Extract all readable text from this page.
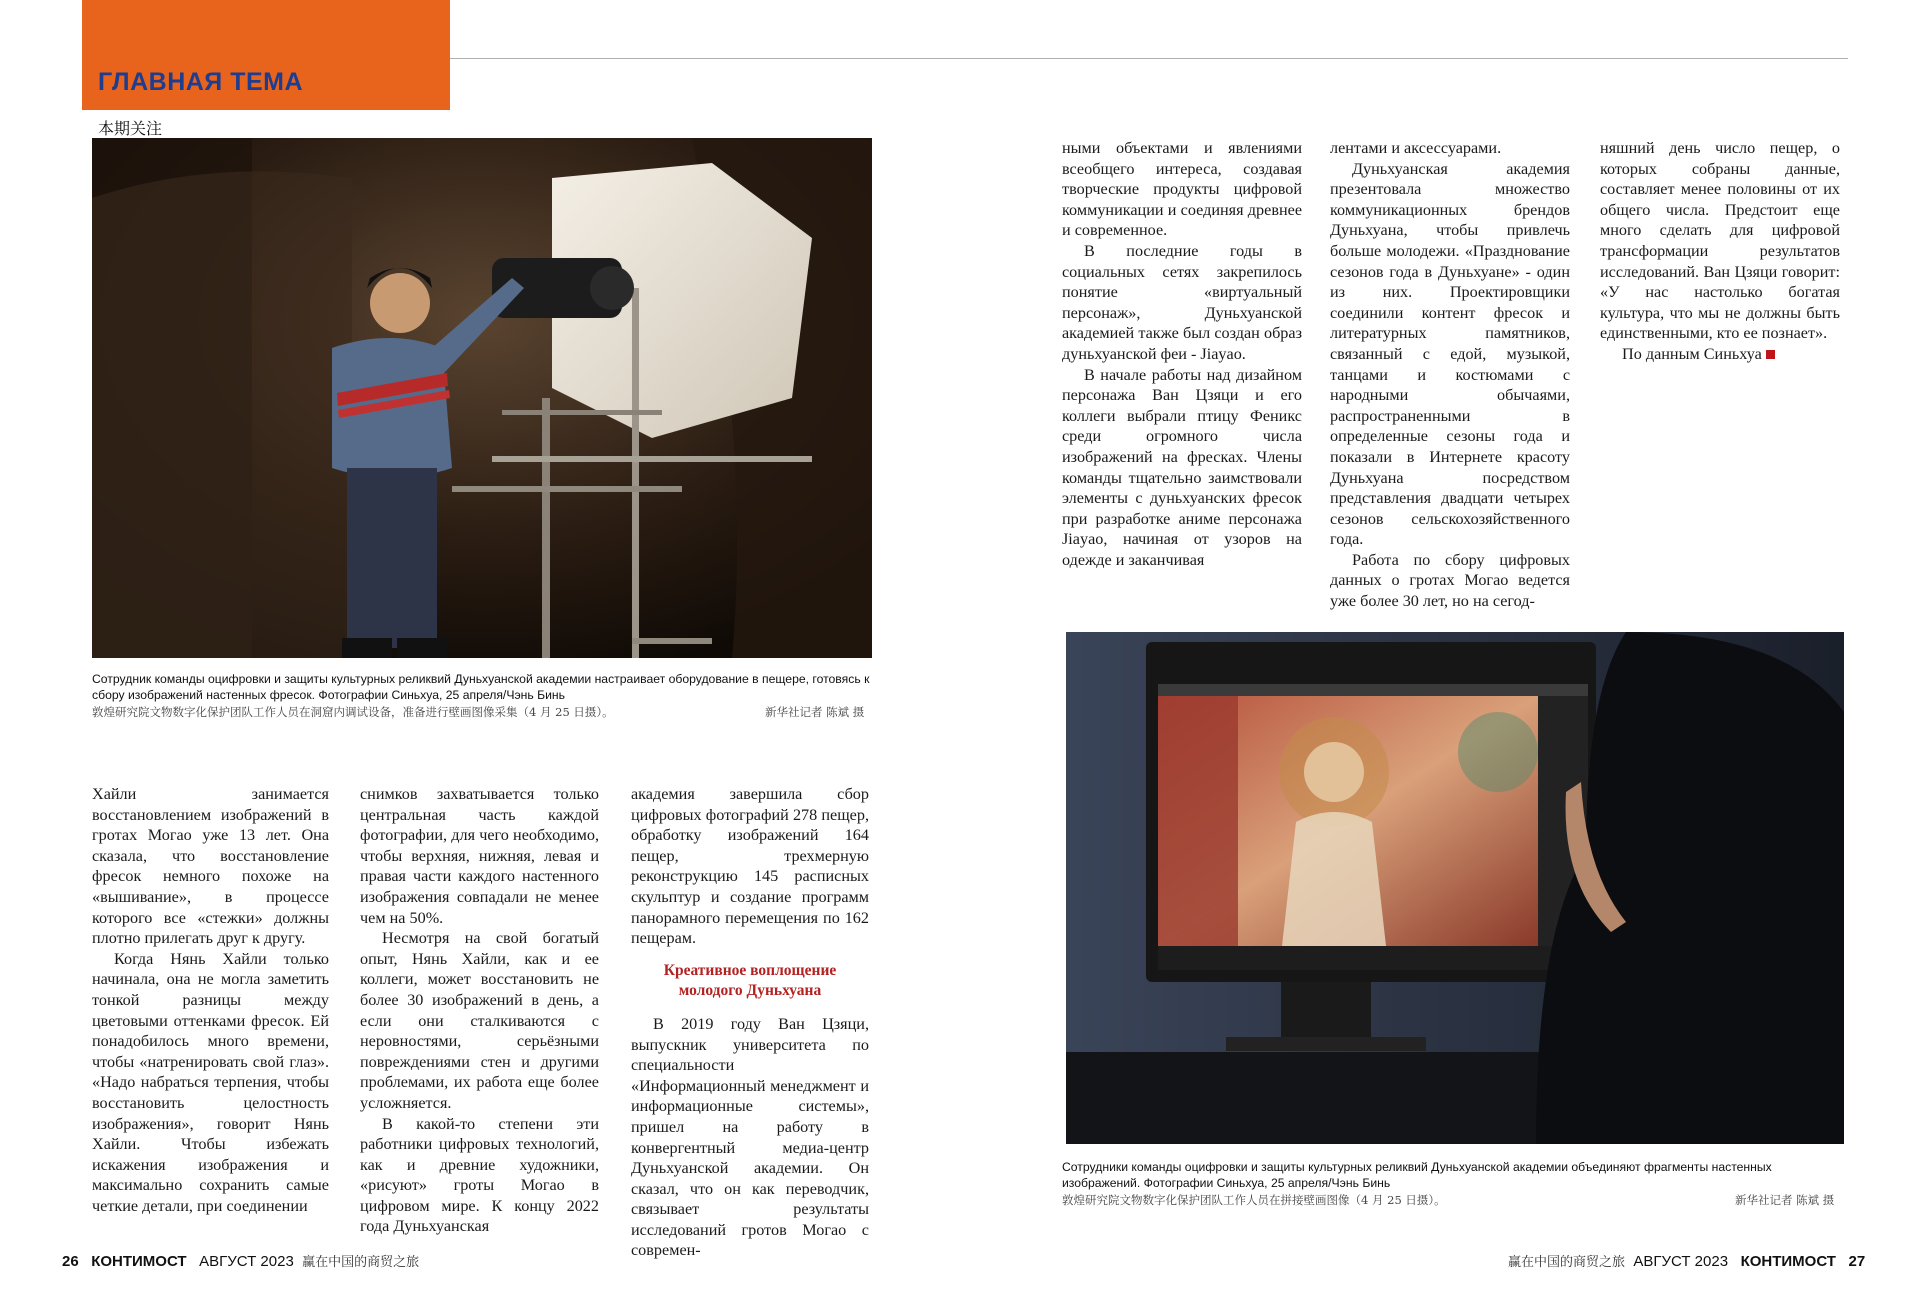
ГЛАВНАЯ ТЕМА
本期关注
Сотрудник команды оцифровки и защиты культурных реликвий Дуньхуанской академии настраивает оборудование в пещере, готовясь к сбору изображений настенных фресок. Фотографии Синьхуа, 25 апреля/Чэнь Бинь
敦煌研究院文物数字化保护团队工作人员在洞窟内调试设备，准备进行壁画图像采集（4 月 25 日摄）。	新华社记者 陈斌 摄

Хайли занимается восстановлением изображений в гротах Могао уже 13 лет. Она сказала, что восстановление фресок немного похоже на «вышивание», в процессе которого все «стежки» должны плотно прилегать друг к другу.

Когда Нянь Хайли только начинала, она не могла заметить тонкой разницы между цветовыми оттенками фресок. Ей понадобилось много времени, чтобы «натренировать свой глаз». «Надо набраться терпения, чтобы восстановить целостность изображения», говорит Нянь Хайли. Чтобы избежать искажения изображения и максимально сохранить самые четкие детали, при соединении

снимков захватывается только центральная часть каждой фотографии, для чего необходимо, чтобы верхняя, нижняя, левая и правая части каждого настенного изображения совпадали не менее чем на 50%.

Несмотря на свой богатый опыт, Нянь Хайли, как и ее коллеги, может восстановить не более 30 изображений в день, а если они сталкиваются с неровностями, серьёзными повреждениями стен и другими проблемами, их работа еще более усложняется.

В какой-то степени эти работники цифровых технологий, как и древние художники, «рисуют» гроты Могао в цифровом мире. К концу 2022 года Дуньхуанская

академия завершила сбор цифровых фотографий 278 пещер, обработку изображений 164 пещер, трехмерную реконструкцию 145 расписных скульптур и создание программ панорамного перемещения по 162 пещерам.

Креативное воплощение молодого Дуньхуана

В 2019 году Ван Цзяци, выпускник университета по специальности «Информационный менеджмент и информационные системы», пришел на работу в конвергентный медиа-центр Дуньхуанской академии. Он сказал, что он как переводчик, связывает результаты исследований гротов Могао с современ-

ными объектами и явлениями всеобщего интереса, создавая творческие продукты цифровой коммуникации и соединяя древнее и современное.

В последние годы в социальных сетях закрепилось понятие «виртуальный персонаж», Дуньхуанской академией также был создан образ дуньхуанской феи - Jiayao.

В начале работы над дизайном персонажа Ван Цзяци и его коллеги выбрали птицу Феникс среди огромного числа изображений на фресках. Члены команды тщательно заимствовали элементы с дуньхуанских фресок при разработке аниме персонажа Jiayao, начиная от узоров на одежде и заканчивая

лентами и аксессуарами.

Дуньхуанская академия презентовала множество коммуникационных брендов Дуньхуана, чтобы привлечь больше молодежи. «Празднование сезонов года в Дуньхуане» - один из них. Проектировщики соединили контент фресок и литературных памятников, связанный с едой, музыкой, танцами и костюмами с народными обычаями, распространенными в определенные сезоны года и показали в Интернете красоту Дуньхуана посредством представления двадцати четырех сезонов сельскохозяйственного года.

Работа по сбору цифровых данных о гротах Могао ведется уже более 30 лет, но на сегод-

няшний день число пещер, о которых собраны данные, составляет менее половины от их общего числа. Предстоит еще много сделать для цифровой трансформации результатов исследований. Ван Цзяци говорит: «У нас настолько богатая культура, что мы не должны быть единственными, кто ее познает».

По данным Синьхуа

Сотрудники команды оцифровки и защиты культурных реликвий Дуньхуанской академии объединяют фрагменты настенных изображений. Фотографии Синьхуа, 25 апреля/Чэнь Бинь
敦煌研究院文物数字化保护团队工作人员在拼接壁画图像（4 月 25 日摄）。	新华社记者 陈斌 摄
26 КОНТИМОСТ АВГУСТ 2023 赢在中国的商贸之旅	赢在中国的商贸之旅 АВГУСТ 2023 КОНТИМОСТ 27
